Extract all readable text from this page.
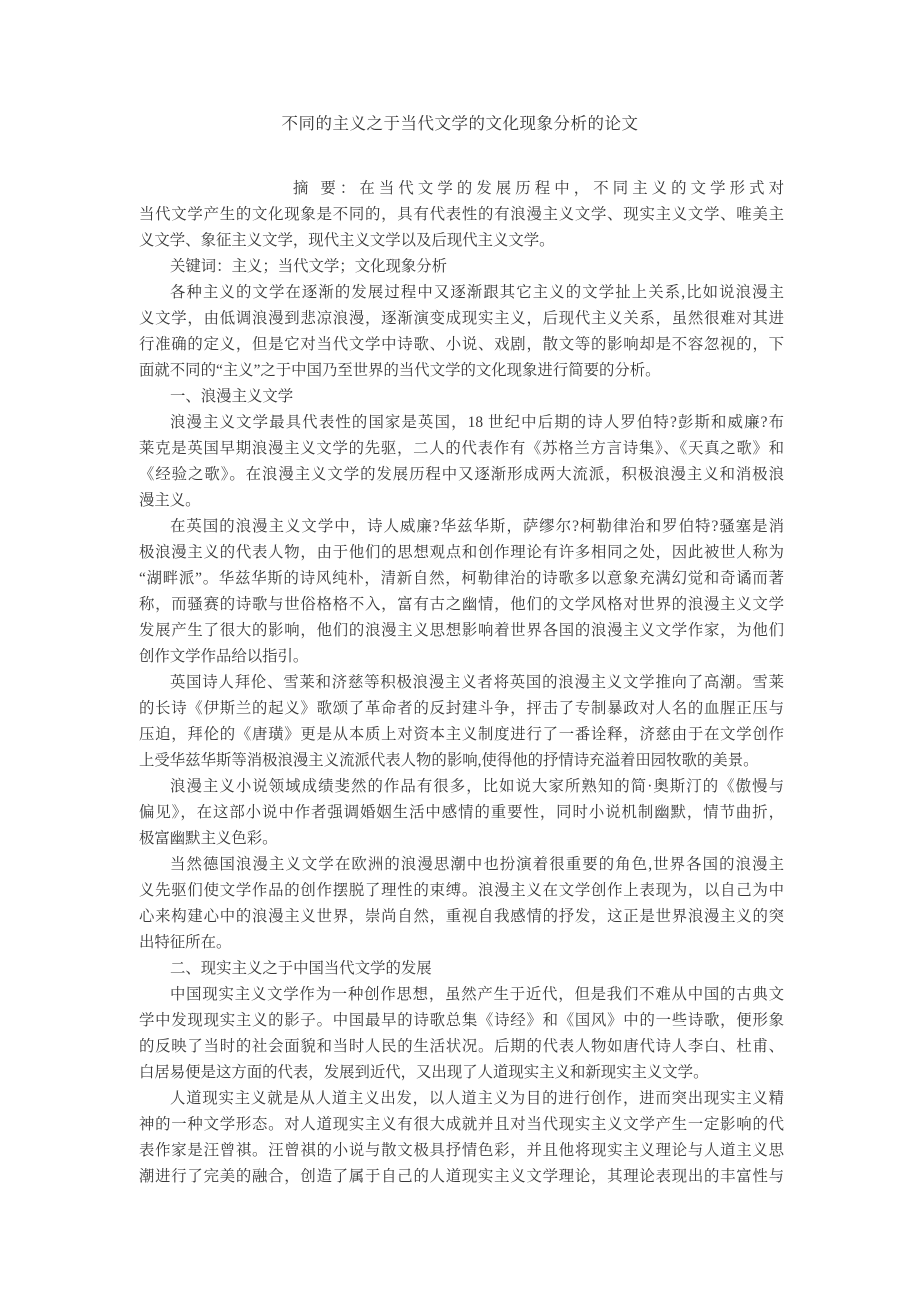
不同的主义之于当代文学的文化现象分析的论文
摘 要：在当代文学的发展历程中，不同主义的文学形式对
当代文学产生的文化现象是不同的，具有代表性的有浪漫主义文学、现实主义文学、唯美主
义文学、象征主义文学，现代主义文学以及后现代主义文学。
关键词：主义；当代文学；文化现象分析
各种主义的文学在逐渐的发展过程中又逐渐跟其它主义的文学扯上关系,比如说浪漫主
义文学，由低调浪漫到悲凉浪漫，逐渐演变成现实主义，后现代主义关系，虽然很难对其进
行准确的定义，但是它对当代文学中诗歌、小说、戏剧，散文等的影响却是不容忽视的，下
面就不同的“主义”之于中国乃至世界的当代文学的文化现象进行简要的分析。
一、浪漫主义文学
浪漫主义文学最具代表性的国家是英国，18 世纪中后期的诗人罗伯特?彭斯和威廉?布
莱克是英国早期浪漫主义文学的先驱，二人的代表作有《苏格兰方言诗集》、《天真之歌》和
《经验之歌》。在浪漫主义文学的发展历程中又逐渐形成两大流派，积极浪漫主义和消极浪
漫主义。
在英国的浪漫主义文学中，诗人威廉?华兹华斯，萨缪尔?柯勒律治和罗伯特?骚塞是消
极浪漫主义的代表人物，由于他们的思想观点和创作理论有许多相同之处，因此被世人称为
“湖畔派”。华兹华斯的诗风纯朴，清新自然，柯勒律治的诗歌多以意象充满幻觉和奇谲而著
称，而骚赛的诗歌与世俗格格不入，富有古之幽情，他们的文学风格对世界的浪漫主义文学
发展产生了很大的影响，他们的浪漫主义思想影响着世界各国的浪漫主义文学作家，为他们
创作文学作品给以指引。
英国诗人拜伦、雪莱和济慈等积极浪漫主义者将英国的浪漫主义文学推向了高潮。雪莱
的长诗《伊斯兰的起义》歌颂了革命者的反封建斗争，抨击了专制暴政对人名的血腥正压与
压迫，拜伦的《唐璜》更是从本质上对资本主义制度进行了一番诠释，济慈由于在文学创作
上受华兹华斯等消极浪漫主义流派代表人物的影响,使得他的抒情诗充溢着田园牧歌的美景。
浪漫主义小说领域成绩斐然的作品有很多，比如说大家所熟知的简·奥斯汀的《傲慢与
偏见》，在这部小说中作者强调婚姻生活中感情的重要性，同时小说机制幽默，情节曲折，
极富幽默主义色彩。
当然德国浪漫主义文学在欧洲的浪漫思潮中也扮演着很重要的角色,世界各国的浪漫主
义先驱们使文学作品的创作摆脱了理性的束缚。浪漫主义在文学创作上表现为，以自己为中
心来构建心中的浪漫主义世界，崇尚自然，重视自我感情的抒发，这正是世界浪漫主义的突
出特征所在。
二、现实主义之于中国当代文学的发展
中国现实主义文学作为一种创作思想，虽然产生于近代，但是我们不难从中国的古典文
学中发现现实主义的影子。中国最早的诗歌总集《诗经》和《国风》中的一些诗歌，便形象
的反映了当时的社会面貌和当时人民的生活状况。后期的代表人物如唐代诗人李白、杜甫、
白居易便是这方面的代表，发展到近代，又出现了人道现实主义和新现实主义文学。
人道现实主义就是从人道主义出发，以人道主义为目的进行创作，进而突出现实主义精
神的一种文学形态。对人道现实主义有很大成就并且对当代现实主义文学产生一定影响的代
表作家是汪曾祺。汪曾祺的小说与散文极具抒情色彩，并且他将现实主义理论与人道主义思
潮进行了完美的融合，创造了属于自己的人道现实主义文学理论，其理论表现出的丰富性与
